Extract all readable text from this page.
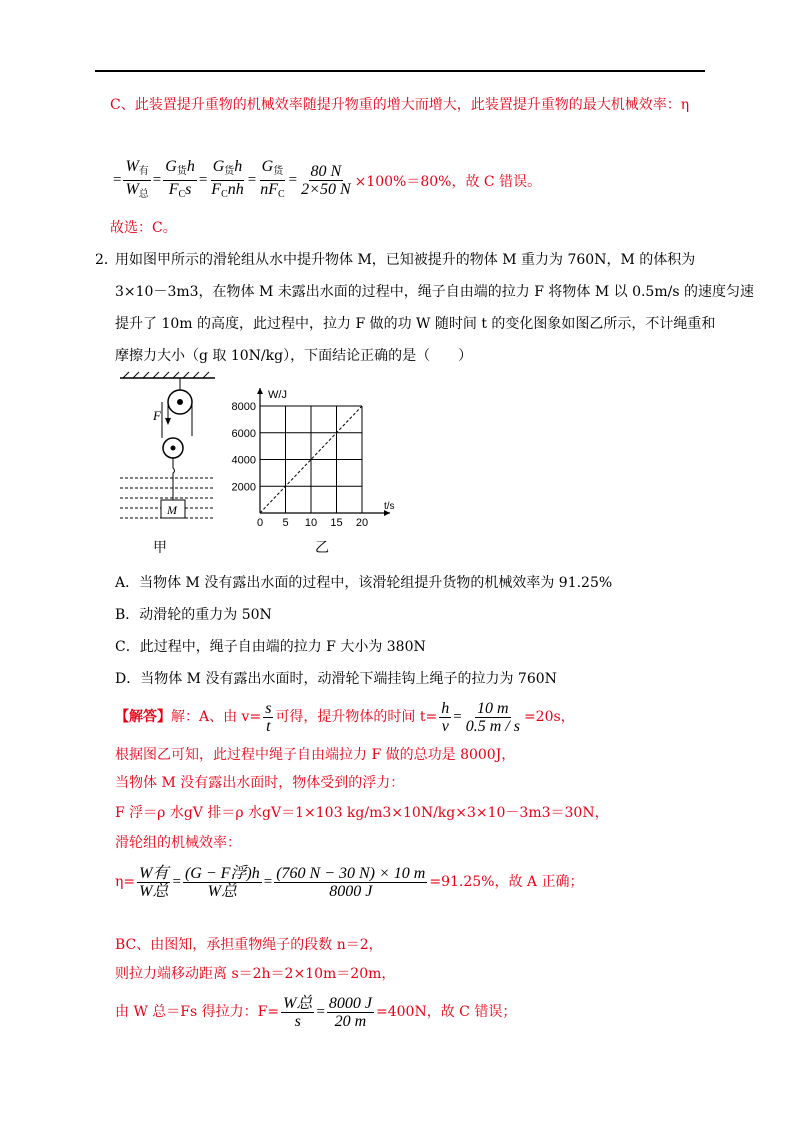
C、此装置提升重物的机械效率随提升物重的增大而增大，此装置提升重物的最大机械效率：η
= $\frac{W_有}{W_总} = \frac{G_货h}{F_Cs} = \frac{G_货h}{F_Cnh} = \frac{G_货}{nF_C} = \frac{80 N}{2\times 50 N} \times 100\%=80\%$，故 C 错误。
故选：C。
2．
用如图甲所示的滑轮组从水中提升物体 M，已知被提升的物体 M 重力为 760N，M 的体积为
3×10－3m3，在物体 M 未露出水面的过程中，绳子自由端的拉力 F 将物体 M 以 0.5m/s 的速度匀速
提升了 10m 的高度，此过程中，拉力 F 做的功 W 随时间 t 的变化图象如图乙所示，不计绳重和
摩擦力大小（g 取 10N/kg），下面结论正确的是（　　）
F
M
甲
0 5 10 15 20
2000
4000
6000
8000
t/s
W/J
乙
A．当物体 M 没有露出水面的过程中，该滑轮组提升货物的机械效率为 91.25%
B．动滑轮的重力为 50N
C．此过程中，绳子自由端的拉力 F 大小为 380N
D．当物体 M 没有露出水面时，动滑轮下端挂钩上绳子的拉力为 760N
【解答】 解：A、由 $v= \frac{s}{t}$ 可得，提升物体的时间 $t= \frac{h}{v} = \frac{10 m}{0.5 m / s} =20s$，
根据图乙可知，此过程中绳子自由端拉力 F 做的总功是 8000J，
当物体 M 没有露出水面时，物体受到的浮力：
F 浮＝ρ 水gV 排＝ρ 水gV＝1×103 kg/m3×10N/kg×3×10－3m3＝30N，
滑轮组的机械效率：
$\eta= \frac{\text{W有}}{\text{W总}} = \frac{\text{(G − F浮)h}}{\text{W总}} = \frac{(760 N - 30 N) \times 10 m}{8000 J} =91.25\%$，故 A 正确；
BC、由图知，承担重物绳子的段数 n＝2，
则拉力端移动距离 s＝2h＝2×10m＝20m，
由 W 总＝Fs 得拉力：$F= \frac{\text{W总}}{s} = \frac{8000 J}{20 m} =400N$，故 C 错误；
